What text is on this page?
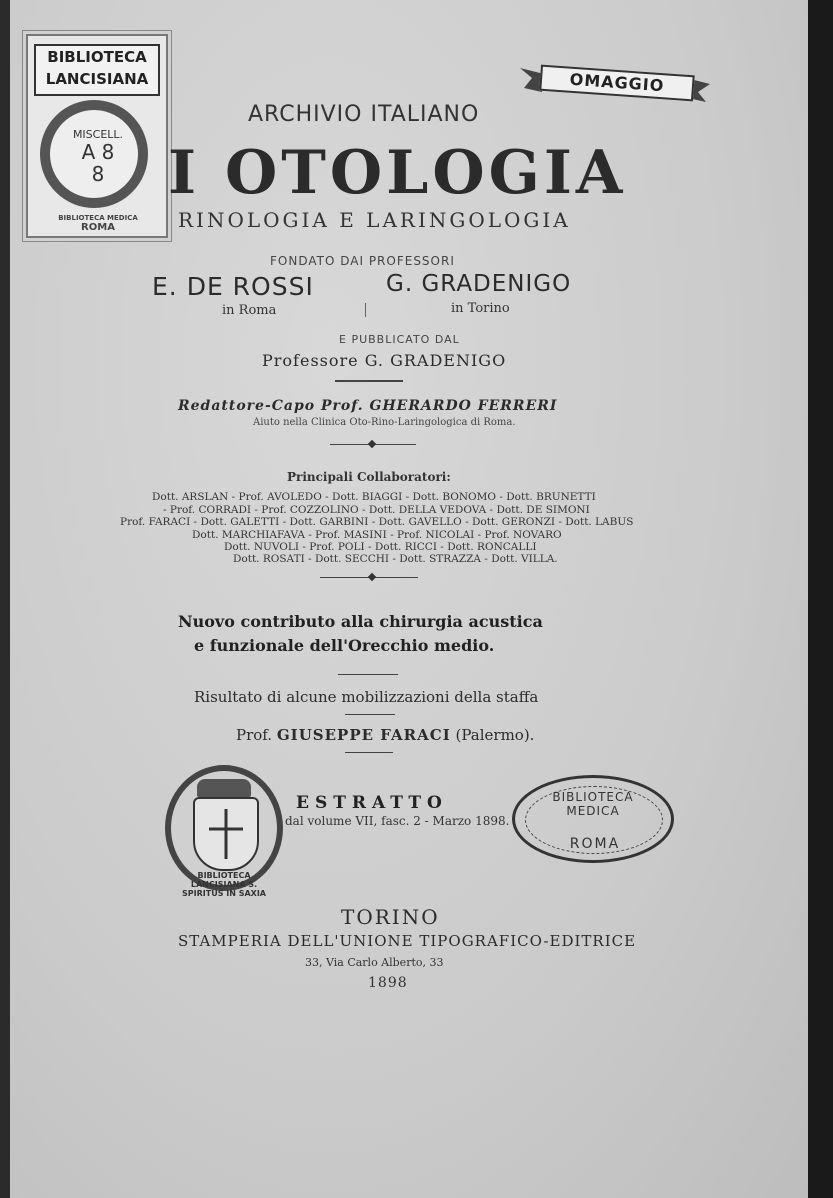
BIBLIOTECA
LANCISIANA
MISCELL.
A 8
8
BIBLIOTECA MEDICA
ROMA
OMAGGIO
ARCHIVIO ITALIANO
I OTOLOGIA
RINOLOGIA E LARINGOLOGIA
FONDATO DAI PROFESSORI
E. DE ROSSI	G. GRADENIGO
in Roma	in Torino
E PUBBLICATO DAL
Professore G. GRADENIGO
Redattore-Capo Prof. GHERARDO FERRERI
Aiuto nella Clinica Oto-Rino-Laringologica di Roma.
Principali Collaboratori:
Dott. ARSLAN - Prof. AVOLEDO - Dott. BIAGGI - Dott. BONOMO - Dott. BRUNETTI
- Prof. CORRADI - Prof. COZZOLINO - Dott. DELLA VEDOVA - Dott. DE SIMONI
Prof. FARACI - Dott. GALETTI - Dott. GARBINI - Dott. GAVELLO - Dott. GERONZI - Dott. LABUS
Dott. MARCHIAFAVA - Prof. MASINI - Prof. NICOLAI - Prof. NOVARO
Dott. NUVOLI - Prof. POLI - Dott. RICCI - Dott. RONCALLI
Dott. ROSATI - Dott. SECCHI - Dott. STRAZZA - Dott. VILLA.
Nuovo contributo alla chirurgia acustica
e funzionale dell'Orecchio medio.
Risultato di alcune mobilizzazioni della staffa
Prof. GIUSEPPE FARACI (Palermo).
BIBLIOTECA LANCISIANA S. SPIRITUS IN SAXIA
ESTRATTO
dal volume VII, fasc. 2 - Marzo 1898.
BIBLIOTECA MEDICA
ROMA
TORINO
STAMPERIA DELL'UNIONE TIPOGRAFICO-EDITRICE
33, Via Carlo Alberto, 33
1898
